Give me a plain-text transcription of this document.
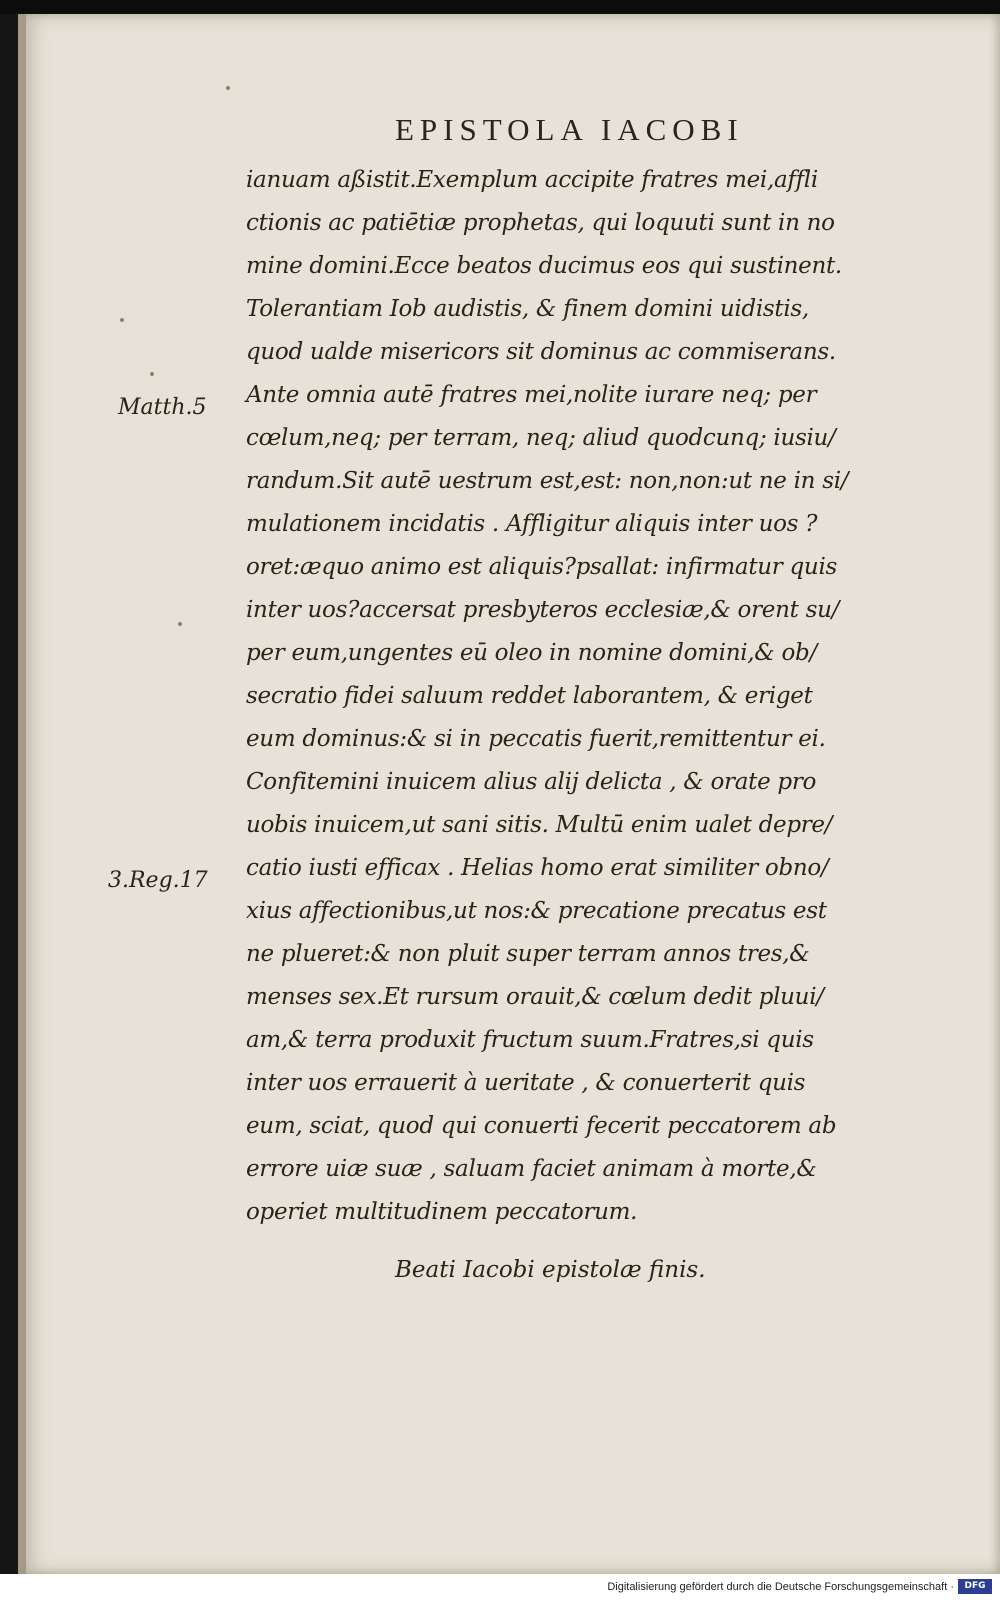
EPISTOLA IACOBI
ianuam aßistit.Exemplum accipite fratres mei,affli
ctionis ac patiētiæ prophetas, qui loquuti sunt in no
mine domini.Ecce beatos ducimus eos qui sustinent.
Tolerantiam Iob audistis, & finem domini uidistis,
quod ualde misericors sit dominus ac commiserans.
Ante omnia autē fratres mei,nolite iurare neq; per
cœlum,neq; per terram, neq; aliud quodcunq; iusiu/
randum.Sit autē uestrum est,est: non,non:ut ne in si/
mulationem incidatis . Affligitur aliquis inter uos ?
oret:æquo animo est aliquis?psallat: infirmatur quis
inter uos?accersat presbyteros ecclesiæ,& orent su/
per eum,ungentes eū oleo in nomine domini,& ob/
secratio fidei saluum reddet laborantem, & eriget
eum dominus:& si in peccatis fuerit,remittentur ei.
Confitemini inuicem alius alij delicta , & orate pro
uobis inuicem,ut sani sitis. Multū enim ualet depre/
catio iusti efficax . Helias homo erat similiter obno/
xius affectionibus,ut nos:& precatione precatus est
ne plueret:& non pluit super terram annos tres,&
menses sex.Et rursum orauit,& cœlum dedit pluui/
am,& terra produxit fructum suum.Fratres,si quis
inter uos errauerit à ueritate , & conuerterit quis
eum, sciat, quod qui conuerti fecerit peccatorem ab
errore uiæ suæ , saluam faciet animam à morte,&
operiet multitudinem peccatorum.
Beati Iacobi epistolæ finis.
Matth.5
3.Reg.17
Digitalisierung gefördert durch die Deutsche Forschungsgemeinschaft ·	DFG
